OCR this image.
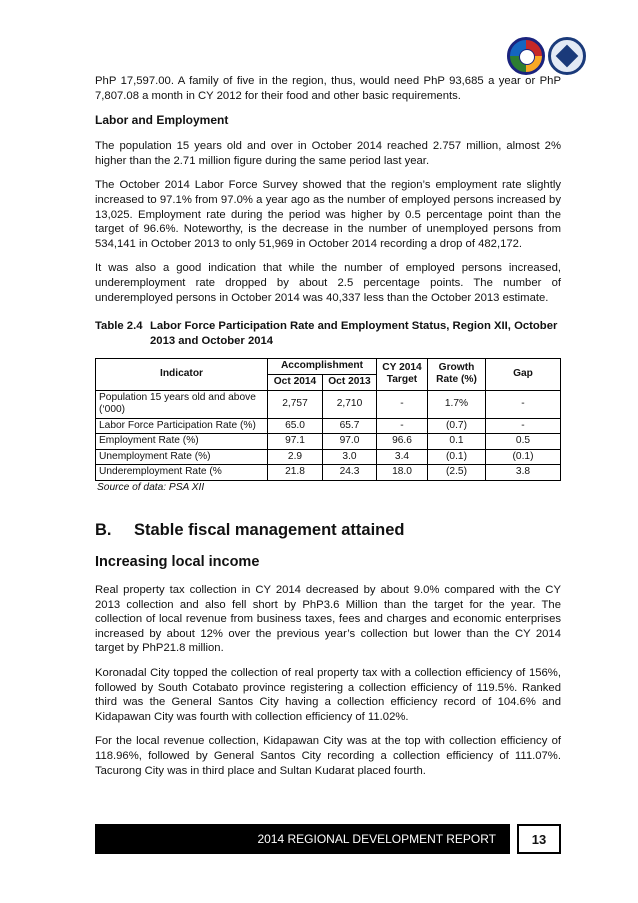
PhP 17,597.00. A family of five in the region, thus, would need PhP 93,685 a year or PhP 7,807.08 a month in CY 2012 for their food and other basic requirements.

Labor and Employment

The population 15 years old and over in October 2014 reached 2.757 million, almost 2% higher than the 2.71 million figure during the same period last year.

The October 2014 Labor Force Survey showed that the region’s employment rate slightly increased to 97.1% from 97.0% a year ago as the number of employed persons increased by 13,025. Employment rate during the period was higher by 0.5 percentage point than the target of 96.6%. Noteworthy, is the decrease in the number of unemployed persons from 534,141 in October 2013 to only 51,969 in October 2014 recording a drop of 482,172.

It was also a good indication that while the number of employed persons increased, underemployment rate dropped by about 2.5 percentage points. The number of underemployed persons in October 2014 was 40,337 less than the October 2013 estimate.

Table 2.4 Labor Force Participation Rate and Employment Status, Region XII, October 2013 and October 2014
Indicator	Accomplishment		CY 2014 Target	Growth Rate (%)	Gap
	Oct 2014	Oct 2013			
Population 15 years old and above (‘000)	2,757	2,710	-	1.7%	-
Labor Force Participation Rate (%)	65.0	65.7	-	(0.7)	-
Employment Rate (%)	97.1	97.0	96.6	0.1	0.5
Unemployment Rate (%)	2.9	3.0	3.4	(0.1)	(0.1)
Underemployment Rate (%	21.8	24.3	18.0	(2.5)	3.8
Source of data: PSA XII
B.	Stable fiscal management attained
Increasing local income

Real property tax collection in CY 2014 decreased by about 9.0% compared with the CY 2013 collection and also fell short by PhP3.6 Million than the target for the year. The collection of local revenue from business taxes, fees and charges and economic enterprises increased by about 12% over the previous year’s collection but lower than the CY 2014 target by PhP21.8 million.

Koronadal City topped the collection of real property tax with a collection efficiency of 156%, followed by South Cotabato province registering a collection efficiency of 119.5%. Ranked third was the General Santos City having a collection efficiency record of 104.6% and Kidapawan City was fourth with collection efficiency of 11.02%.

For the local revenue collection, Kidapawan City was at the top with collection efficiency of 118.96%, followed by General Santos City recording a collection efficiency of 111.07%. Tacurong City was in third place and Sultan Kudarat placed fourth.

2014
REGIONAL DEVELOPMENT REPORT	13
